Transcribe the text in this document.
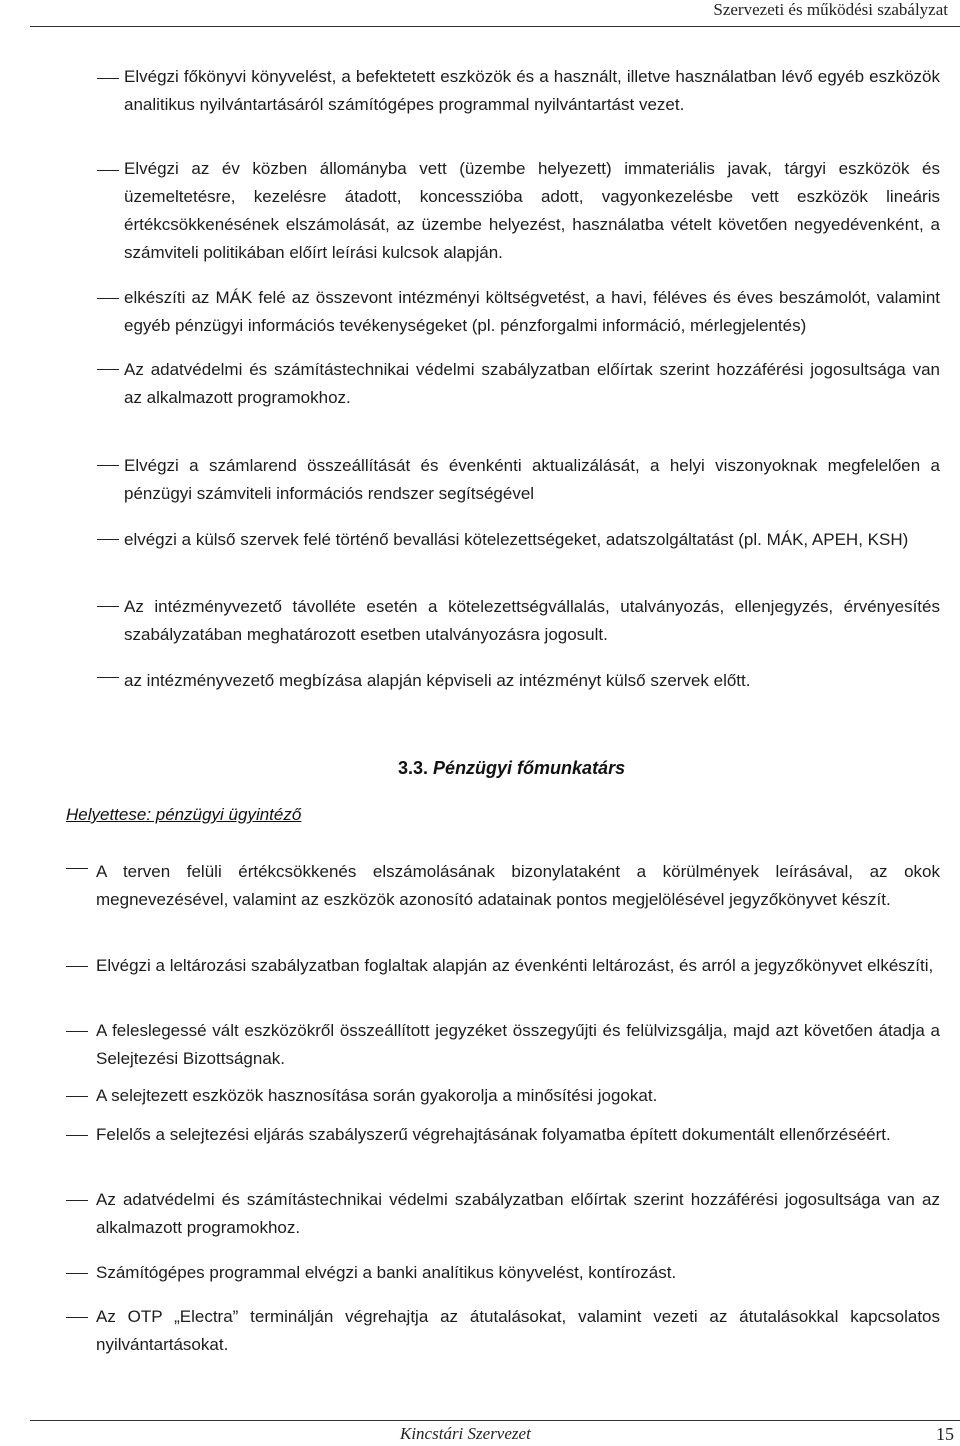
Szervezeti és működési szabályzat
Elvégzi főkönyvi könyvelést, a befektetett eszközök és a használt, illetve használatban lévő egyéb eszközök analitikus nyilvántartásáról számítógépes programmal nyilvántartást vezet.
Elvégzi az év közben állományba vett (üzembe helyezett) immateriális javak, tárgyi eszközök és üzemeltetésre, kezelésre átadott, koncesszióba adott, vagyonkezelésbe vett eszközök lineáris értékcsökkenésének elszámolását, az üzembe helyezést, használatba vételt követően negyedévenként, a számviteli politikában előírt leírási kulcsok alapján.
elkészíti az MÁK felé az összevont intézményi költségvetést, a havi, féléves és éves beszámolót, valamint egyéb pénzügyi információs tevékenységeket (pl. pénzforgalmi információ, mérlegjelentés)
Az adatvédelmi és számítástechnikai védelmi szabályzatban előírtak szerint hozzáférési jogosultsága van az alkalmazott programokhoz.
Elvégzi a számlarend összeállítását és évenkénti aktualizálását, a helyi viszonyoknak megfelelően a pénzügyi számviteli információs rendszer segítségével
elvégzi a külső szervek felé történő bevallási kötelezettségeket, adatszolgáltatást (pl. MÁK, APEH, KSH)
Az intézményvezető távolléte esetén a kötelezettségvállalás, utalványozás, ellenjegyzés, érvényesítés szabályzatában meghatározott esetben utalványozásra jogosult.
az intézményvezető megbízása alapján képviseli az intézményt külső szervek előtt.
3.3. Pénzügyi főmunkatárs
Helyettese: pénzügyi ügyintéző
A terven felüli értékcsökkenés elszámolásának bizonylataként a körülmények leírásával, az okok megnevezésével, valamint az eszközök azonosító adatainak pontos megjelölésével jegyzőkönyvet készít.
Elvégzi a leltározási szabályzatban foglaltak alapján az évenkénti leltározást, és arról a jegyzőkönyvet elkészíti,
A feleslegessé vált eszközökről összeállított jegyzéket összegyűjti és felülvizsgálja, majd azt követően átadja a Selejtezési Bizottságnak.
A selejtezett eszközök hasznosítása során gyakorolja a minősítési jogokat.
Felelős a selejtezési eljárás szabályszerű végrehajtásának folyamatba épített dokumentált ellenőrzéséért.
Az adatvédelmi és számítástechnikai védelmi szabályzatban előírtak szerint hozzáférési jogosultsága van az alkalmazott programokhoz.
Számítógépes programmal elvégzi a banki analítikus könyvelést, kontírozást.
Az OTP „Electra” terminálján végrehajtja az átutalásokat, valamint vezeti az átutalásokkal kapcsolatos nyilvántartásokat.
Kincstári Szervezet	15
